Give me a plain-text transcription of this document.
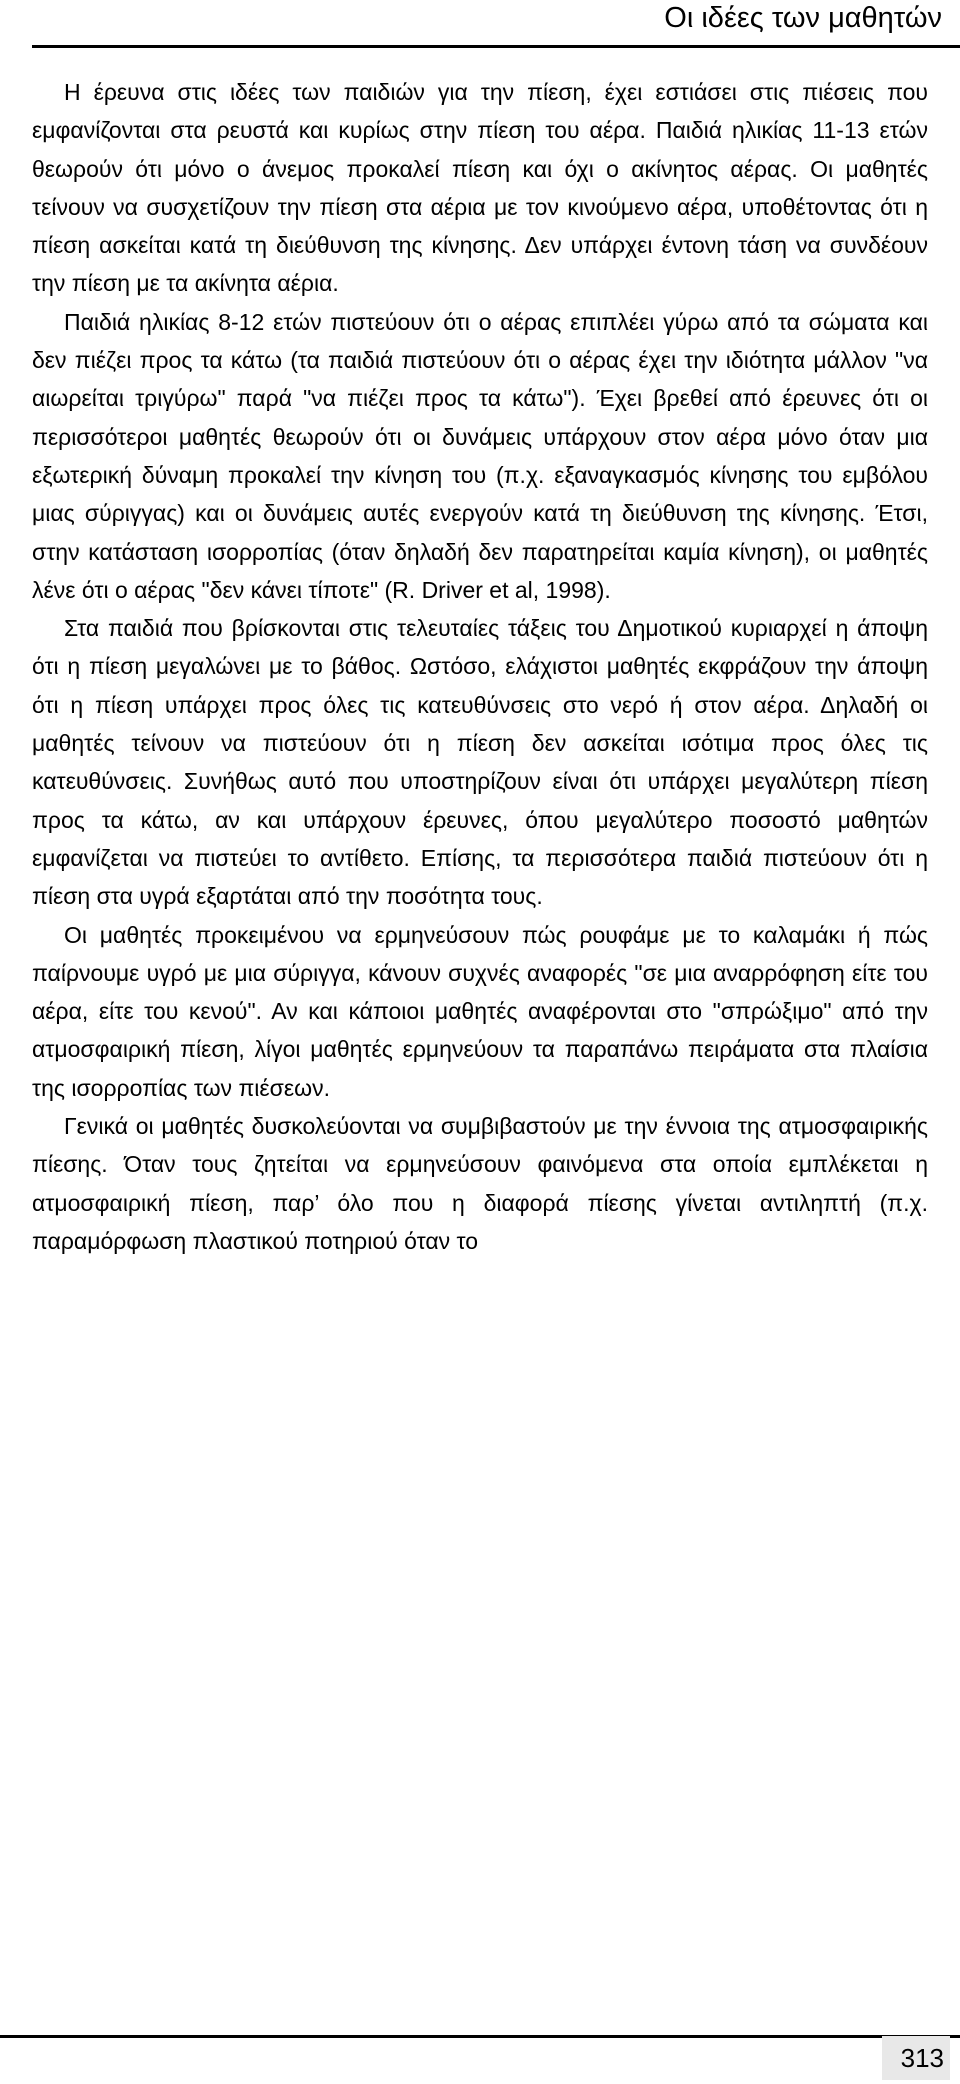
Οι ιδέες των μαθητών

Η έρευνα στις ιδέες των παιδιών για την πίεση, έχει εστιάσει στις πιέσεις που εμφανίζονται στα ρευστά και κυρίως στην πίεση του αέρα. Παιδιά ηλικίας 11-13 ετών θεωρούν ότι μόνο ο άνεμος προκαλεί πίεση και όχι ο ακίνητος αέρας. Οι μαθητές τείνουν να συσχετίζουν την πίεση στα αέρια με τον κινούμενο αέρα, υποθέτοντας ότι η πίεση ασκείται κατά τη διεύθυνση της κίνησης. Δεν υπάρχει έντονη τάση να συνδέουν την πίεση με τα ακίνητα αέρια.

Παιδιά ηλικίας 8-12 ετών πιστεύουν ότι ο αέρας επιπλέει γύρω από τα σώματα και δεν πιέζει προς τα κάτω (τα παιδιά πιστεύουν ότι ο αέρας έχει την ιδιότητα μάλλον "να αιωρείται τριγύρω" παρά "να πιέζει προς τα κάτω"). Έχει βρεθεί από έρευνες ότι οι περισσότεροι μαθητές θεωρούν ότι οι δυνάμεις υπάρχουν στον αέρα μόνο όταν μια εξωτερική δύναμη προκαλεί την κίνηση του (π.χ. εξαναγκασμός κίνησης του εμβόλου μιας σύριγγας) και οι δυνάμεις αυτές ενεργούν κατά τη διεύθυνση της κίνησης. Έτσι, στην κατάσταση ισορροπίας (όταν δηλαδή δεν παρατηρείται καμία κίνηση), οι μαθητές λένε ότι ο αέρας "δεν κάνει τίποτε" (R. Driver et al, 1998).

Στα παιδιά που βρίσκονται στις τελευταίες τάξεις του Δημοτικού κυριαρχεί η άποψη ότι η πίεση μεγαλώνει με το βάθος. Ωστόσο, ελάχιστοι μαθητές εκφράζουν την άποψη ότι η πίεση υπάρχει προς όλες τις κατευθύνσεις στο νερό ή στον αέρα. Δηλαδή οι μαθητές τείνουν να πιστεύουν ότι η πίεση δεν ασκείται ισότιμα προς όλες τις κατευθύνσεις. Συνήθως αυτό που υποστηρίζουν είναι ότι υπάρχει μεγαλύτερη πίεση προς τα κάτω, αν και υπάρχουν έρευνες, όπου μεγαλύτερο ποσοστό μαθητών εμφανίζεται να πιστεύει το αντίθετο. Επίσης, τα περισσότερα παιδιά πιστεύουν ότι η πίεση στα υγρά εξαρτάται από την ποσότητα τους.

Οι μαθητές προκειμένου να ερμηνεύσουν πώς ρουφάμε με το καλαμάκι ή πώς παίρνουμε υγρό με μια σύριγγα, κάνουν συχνές αναφορές "σε μια αναρρόφηση είτε του αέρα, είτε του κενού". Αν και κάποιοι μαθητές αναφέρονται στο "σπρώξιμο" από την ατμοσφαιρική πίεση, λίγοι μαθητές ερμηνεύουν τα παραπάνω πειράματα στα πλαίσια της ισορροπίας των πιέσεων.

Γενικά οι μαθητές δυσκολεύονται να συμβιβαστούν με την έννοια της ατμοσφαιρικής πίεσης. Όταν τους ζητείται να ερμηνεύσουν φαινόμενα στα οποία εμπλέκεται η ατμοσφαιρική πίεση, παρ’ όλο που η διαφορά πίεσης γίνεται αντιληπτή (π.χ. παραμόρφωση πλαστικού ποτηριού όταν το

313
